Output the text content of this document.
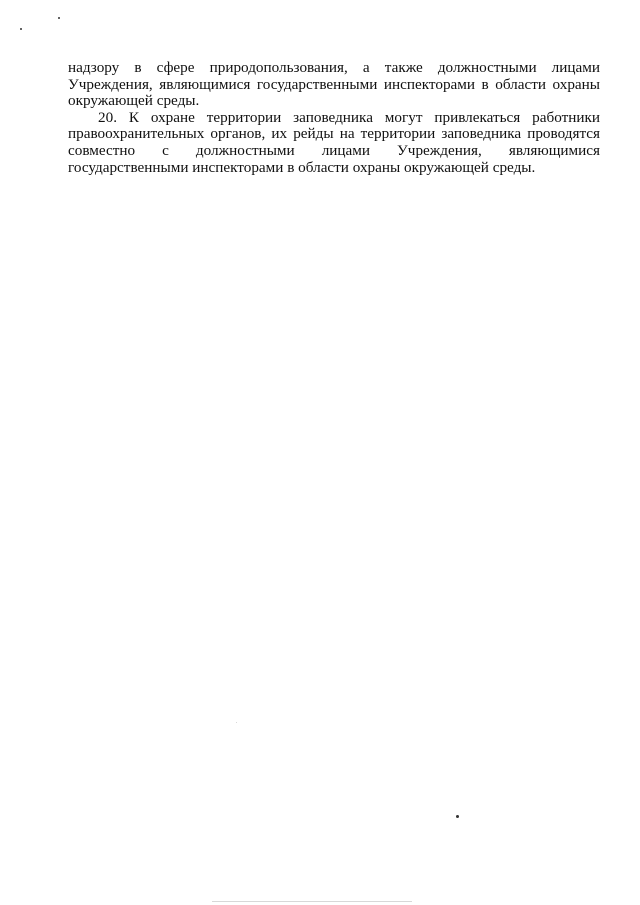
надзору в сфере природопользования, а также должностными лицами Учреждения, являющимися государственными инспекторами в области охраны окружающей среды.

20. К охране территории заповедника могут привлекаться работники правоохранительных органов, их рейды на территории заповедника проводятся совместно с должностными лицами Учреждения, являющимися государственными инспекторами в области охраны окружающей среды.
